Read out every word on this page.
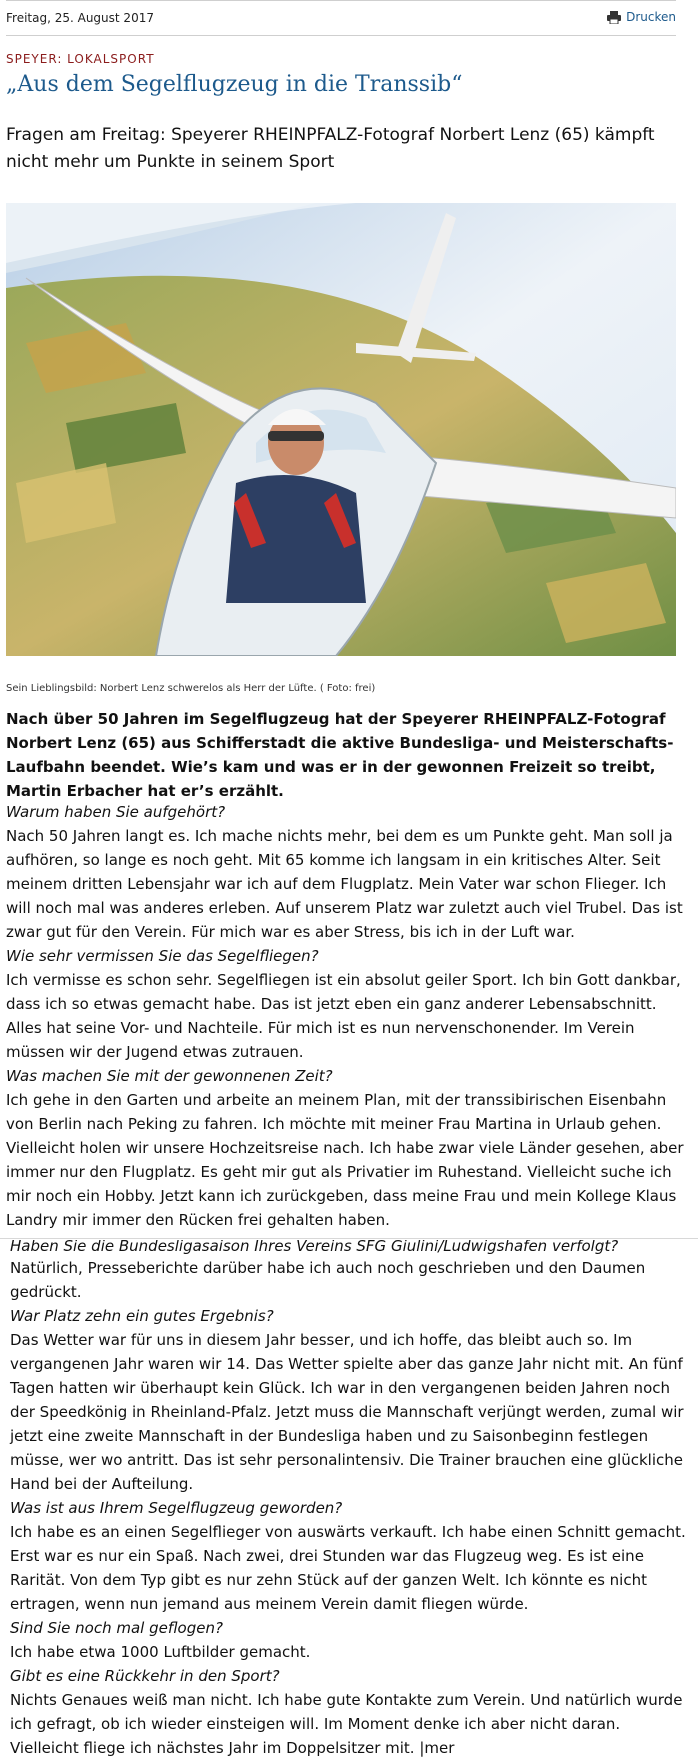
Freitag, 25. August 2017	Drucken
SPEYER: LOKALSPORT
„Aus dem Segelflugzeug in die Transsib“
Fragen am Freitag: Speyerer RHEINPFALZ-Fotograf Norbert Lenz (65) kämpft nicht mehr um Punkte in seinem Sport
Sein Lieblingsbild: Norbert Lenz schwerelos als Herr der Lüfte. ( Foto: frei)
Nach über 50 Jahren im Segelflugzeug hat der Speyerer RHEINPFALZ-Fotograf Norbert Lenz (65) aus Schifferstadt die aktive Bundesliga- und Meisterschafts-Laufbahn beendet. Wie’s kam und was er in der gewonnen Freizeit so treibt, Martin Erbacher hat er’s erzählt.
Warum haben Sie aufgehört?
Nach 50 Jahren langt es. Ich mache nichts mehr, bei dem es um Punkte geht. Man soll ja aufhören, so lange es noch geht. Mit 65 komme ich langsam in ein kritisches Alter. Seit meinem dritten Lebensjahr war ich auf dem Flugplatz. Mein Vater war schon Flieger. Ich will noch mal was anderes erleben. Auf unserem Platz war zuletzt auch viel Trubel. Das ist zwar gut für den Verein. Für mich war es aber Stress, bis ich in der Luft war.
Wie sehr vermissen Sie das Segelfliegen?
Ich vermisse es schon sehr. Segelfliegen ist ein absolut geiler Sport. Ich bin Gott dankbar, dass ich so etwas gemacht habe. Das ist jetzt eben ein ganz anderer Lebensabschnitt. Alles hat seine Vor- und Nachteile. Für mich ist es nun nervenschonender. Im Verein müssen wir der Jugend etwas zutrauen.
Was machen Sie mit der gewonnenen Zeit?
Ich gehe in den Garten und arbeite an meinem Plan, mit der transsibirischen Eisenbahn von Berlin nach Peking zu fahren. Ich möchte mit meiner Frau Martina in Urlaub gehen. Vielleicht holen wir unsere Hochzeitsreise nach. Ich habe zwar viele Länder gesehen, aber immer nur den Flugplatz. Es geht mir gut als Privatier im Ruhestand. Vielleicht suche ich mir noch ein Hobby. Jetzt kann ich zurückgeben, dass meine Frau und mein Kollege Klaus Landry mir immer den Rücken frei gehalten haben.
Haben Sie die Bundesligasaison Ihres Vereins SFG Giulini/Ludwigshafen verfolgt?
Natürlich, Presseberichte darüber habe ich auch noch geschrieben und den Daumen gedrückt.
War Platz zehn ein gutes Ergebnis?
Das Wetter war für uns in diesem Jahr besser, und ich hoffe, das bleibt auch so. Im vergangenen Jahr waren wir 14. Das Wetter spielte aber das ganze Jahr nicht mit. An fünf Tagen hatten wir überhaupt kein Glück. Ich war in den vergangenen beiden Jahren noch der Speedkönig in Rheinland-Pfalz. Jetzt muss die Mannschaft verjüngt werden, zumal wir jetzt eine zweite Mannschaft in der Bundesliga haben und zu Saisonbeginn festlegen müsse, wer wo antritt. Das ist sehr personalintensiv. Die Trainer brauchen eine glückliche Hand bei der Aufteilung.
Was ist aus Ihrem Segelflugzeug geworden?
Ich habe es an einen Segelflieger von auswärts verkauft. Ich habe einen Schnitt gemacht. Erst war es nur ein Spaß. Nach zwei, drei Stunden war das Flugzeug weg. Es ist eine Rarität. Von dem Typ gibt es nur zehn Stück auf der ganzen Welt. Ich könnte es nicht ertragen, wenn nun jemand aus meinem Verein damit fliegen würde.
Sind Sie noch mal geflogen?
Ich habe etwa 1000 Luftbilder gemacht.
Gibt es eine Rückkehr in den Sport?
Nichts Genaues weiß man nicht. Ich habe gute Kontakte zum Verein. Und natürlich wurde ich gefragt, ob ich wieder einsteigen will. Im Moment denke ich aber nicht daran. Vielleicht fliege ich nächstes Jahr im Doppelsitzer mit. |mer
